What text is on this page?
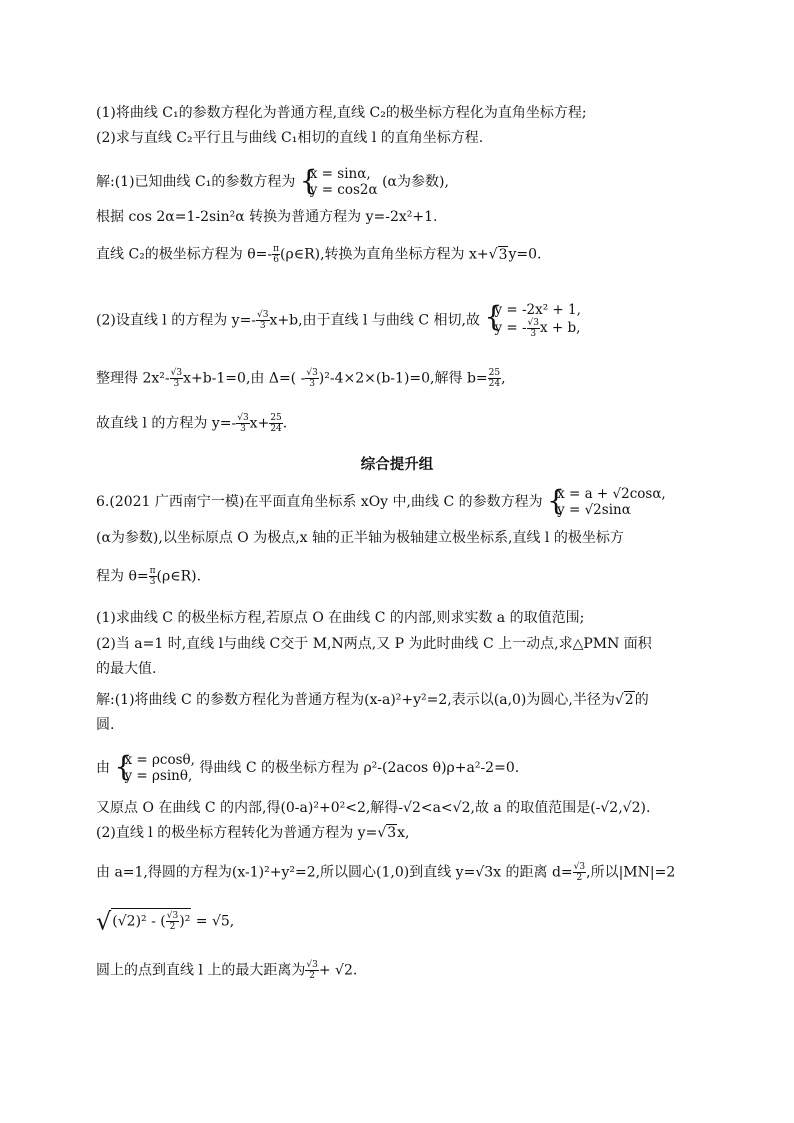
(1)将曲线 C₁的参数方程化为普通方程,直线 C₂的极坐标方程化为直角坐标方程;
(2)求与直线 C₂平行且与曲线 C₁相切的直线 l 的直角坐标方程.
解:(1)已知曲线 C₁的参数方程为 {
x = sinα,
y = cos2α (α为参数),
根据 cos 2α=1-2sin²α 转换为普通方程为 y=-2x²+1.
直线 C₂的极坐标方程为 $\theta=- \frac{\pi}{6}$ (ρ∈R),转换为直角坐标方程为 x+√3y=0.
(2)设直线 l 的方程为 $y=- \frac{√3}{3} x+b$,由于直线 l 与曲线 C 相切,故 {
y = -2x² + 1,
y = - $\frac{√3}{3}$ x + b,
整理得 $2x^2- \frac{√3}{3} x+b-1=0$,由 $\Delta=( - \frac{√3}{3} )^2-4\times 2\times(b-1)=0$,解得 $b= \frac{25}{24}$ ,
故直线 l 的方程为 $y=- \frac{√3}{3} x+ \frac{25}{24}$ .
综合提升组
6.(2021 广西南宁一模)在平面直角坐标系 xOy 中,曲线 C 的参数方程为 {
x = a + √2cosα,
y = √2sinα
(α为参数),以坐标原点 O 为极点,x 轴的正半轴为极轴建立极坐标系,直线 l 的极坐标方
程为 $\theta= \frac{\pi}{3}$ (ρ∈R).
(1)求曲线 C 的极坐标方程,若原点 O 在曲线 C 的内部,则求实数 a 的取值范围;
(2)当 a=1 时,直线 l与曲线 C交于 M,N两点,又 P 为此时曲线 C 上一动点,求△PMN 面积
的最大值.
解:(1)将曲线 C 的参数方程化为普通方程为(x-a)²+y²=2,表示以(a,0)为圆心,半径为√2的
圆.
由 {
x = ρcosθ,
y = ρsinθ, 得曲线 C 的极坐标方程为 ρ²-(2acos θ)ρ+a²-2=0.
又原点 O 在曲线 C 的内部,得(0-a)²+0²<2,解得-√2<a<√2,故 a 的取值范围是(-√2,√2).
(2)直线 l 的极坐标方程转化为普通方程为 y=√3x,
由 a=1,得圆的方程为(x-1)²+y²=2,所以圆心(1,0)到直线 y=√3x 的距离 $d= \frac{√3}{2}$ ,所以|MN|=2
√(√2)² - ( $\frac{√3}{2} )^2 = √5$,
圆上的点到直线 l 上的最大距离为 $\frac{√3}{2} + √2$.
